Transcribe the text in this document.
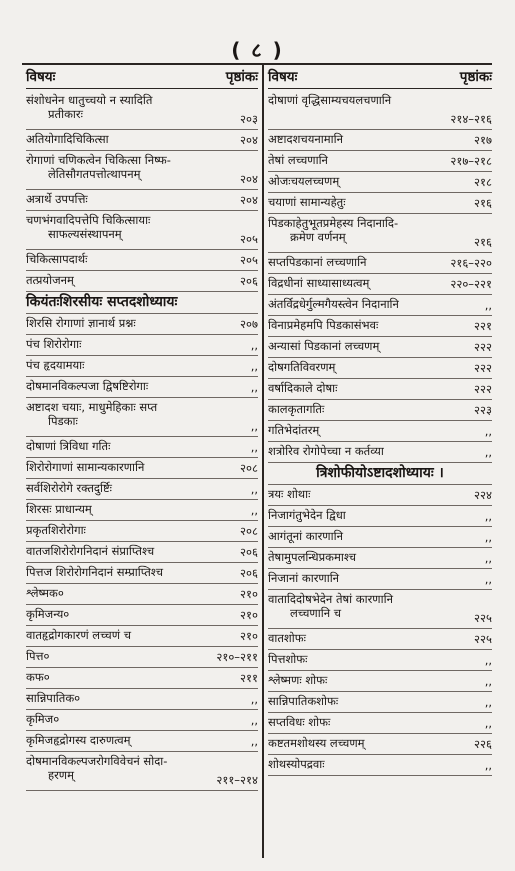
( ८ )
विषयः	पृष्ठांकः
संशोधनेन धातुच्चयो न स्यादिति
प्रतीकारः	२०३
अतियोगादिचिकित्सा	२०४
रोगाणां चणिकत्वेन चिकित्सा निष्फ-
लेतिसौगतपत्तोत्थापनम्	२०४
अत्रार्थे उपपत्तिः	२०४
चणभंगवादिपत्तेपि चिकित्सायाः
साफल्यसंस्थापनम्	२०५
चिकित्सापदार्थः	२०५
तत्प्रयोजनम्	२०६
कियंतःशिरसीयः सप्तदशोध्यायः
शिरसि रोगाणां ज्ञानार्थ प्रश्नः	२०७
पंच शिरोरोगाः	,,
पंच हृदयामयाः	,,
दोषमानविकल्पजा द्विषष्टिरोगाः	,,
अष्टादश चयाः, माधुमेहिकाः सप्त
पिडकाः	,,
दोषाणां त्रिविधा गतिः	,,
शिरोरोगाणां सामान्यकारणानि	२०८
सर्वशिरोरोगे रक्तदुर्ष्टिः	,,
शिरसः प्राधान्यम्	,,
प्रकृतशिरोरोगाः	२०८
वातजशिरोरोगनिदानं संप्राप्तिश्च	२०६
पित्तज शिरोरोगनिदानं सम्प्राप्तिश्च	२०६
श्लेष्मक०	२१०
कृमिजन्य०	२१०
वातहृद्रोगकारणं लच्चणं च	२१०
पित्त०	२१०–२११
कफ०	२११
सान्निपातिक०	,,
कृमिज०	,,
कृमिजहृद्रोगस्य दारुणत्वम्	,,
दोषमानविकल्पजरोगविवेचनं सोदा-
हरणम्	२११–२१४
विषयः	पृष्ठांकः
दोषाणां वृद्धिसाम्यचयलचणानि
२१४–२१६
अष्टादशचयनामानि	२१७
तेषां लच्चणानि	२१७–२१८
ओजःचयलच्चणम्	२१८
चयाणां सामान्यहेतुः	२१६
पिडकाहेतुभूतप्रमेहस्य निदानादि-
क्रमेण वर्णनम्	२१६
सप्तपिडकानां लच्चणानि	२१६–२२०
विद्रधीनां साध्यासाध्यत्वम्	२२०–२२१
अंतर्विद्रधेर्गुल्मगैयस्त्वेन निदानानि	,,
विनाप्रमेहमपि पिडकासंभवः	२२१
अन्यासां पिडकानां लच्चणम्	२२२
दोषगतिविवरणम्	२२२
वर्षादिकाले दोषाः	२२२
कालकृतागतिः	२२३
गतिभेदांतरम्	,,
शत्रोरिव रोगोपेच्चा न कर्तव्या	,,
त्रिशोफीयोऽष्टादशोध्यायः ।
त्रयः शोथाः	२२४
निजागंतुभेदेन द्विधा	,,
आगंतूनां कारणानि	,,
तेषामुपलन्धिप्रकमाश्च	,,
निजानां कारणानि	,,
वातादिदोषभेदेन तेषां कारणानि
लच्चणानि च	२२५
वातशोफः	२२५
पित्तशोफः	,,
श्लेष्मणः शोफः	,,
सान्निपातिकशोफः	,,
सप्तविधः शोफः	,,
कष्टतमशोथस्य लच्चणम्	२२६
शोथस्योपद्रवाः	,,
